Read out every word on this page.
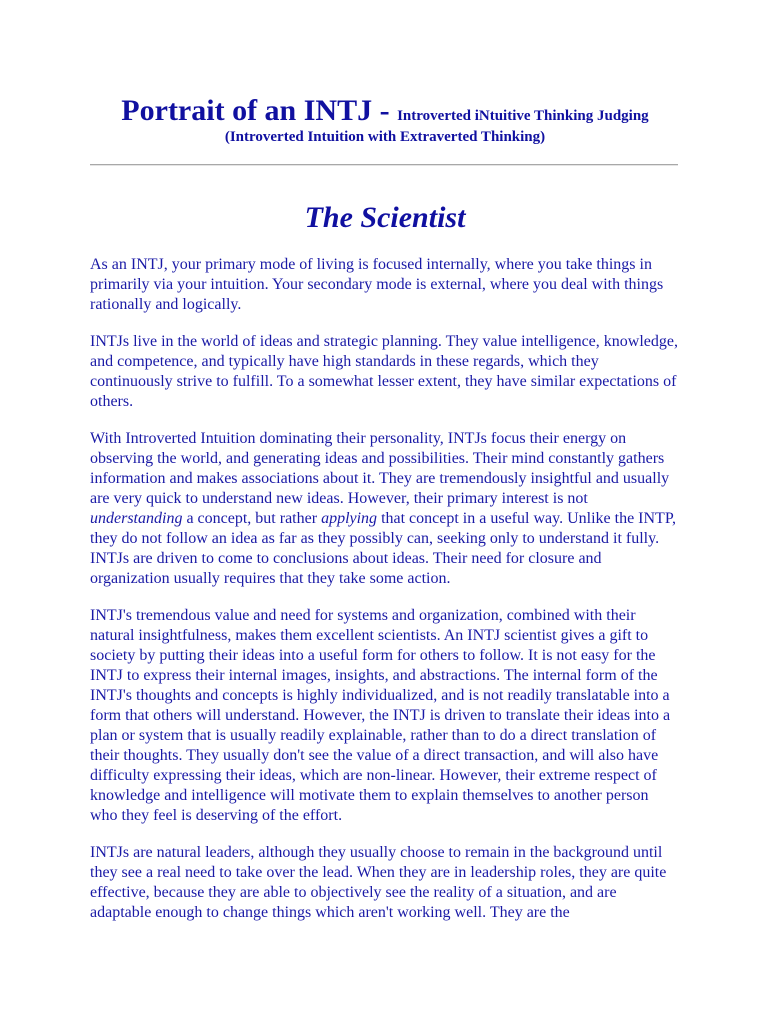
Portrait of an INTJ - Introverted iNtuitive Thinking Judging
(Introverted Intuition with Extraverted Thinking)
The Scientist

As an INTJ, your primary mode of living is focused internally, where you take things in primarily via your intuition. Your secondary mode is external, where you deal with things rationally and logically.

INTJs live in the world of ideas and strategic planning. They value intelligence, knowledge, and competence, and typically have high standards in these regards, which they continuously strive to fulfill. To a somewhat lesser extent, they have similar expectations of others.

With Introverted Intuition dominating their personality, INTJs focus their energy on observing the world, and generating ideas and possibilities. Their mind constantly gathers information and makes associations about it. They are tremendously insightful and usually are very quick to understand new ideas. However, their primary interest is not understanding a concept, but rather applying that concept in a useful way. Unlike the INTP, they do not follow an idea as far as they possibly can, seeking only to understand it fully. INTJs are driven to come to conclusions about ideas. Their need for closure and organization usually requires that they take some action.

INTJ's tremendous value and need for systems and organization, combined with their natural insightfulness, makes them excellent scientists. An INTJ scientist gives a gift to society by putting their ideas into a useful form for others to follow. It is not easy for the INTJ to express their internal images, insights, and abstractions. The internal form of the INTJ's thoughts and concepts is highly individualized, and is not readily translatable into a form that others will understand. However, the INTJ is driven to translate their ideas into a plan or system that is usually readily explainable, rather than to do a direct translation of their thoughts. They usually don't see the value of a direct transaction, and will also have difficulty expressing their ideas, which are non-linear. However, their extreme respect of knowledge and intelligence will motivate them to explain themselves to another person who they feel is deserving of the effort.

INTJs are natural leaders, although they usually choose to remain in the background until they see a real need to take over the lead. When they are in leadership roles, they are quite effective, because they are able to objectively see the reality of a situation, and are adaptable enough to change things which aren't working well. They are the
